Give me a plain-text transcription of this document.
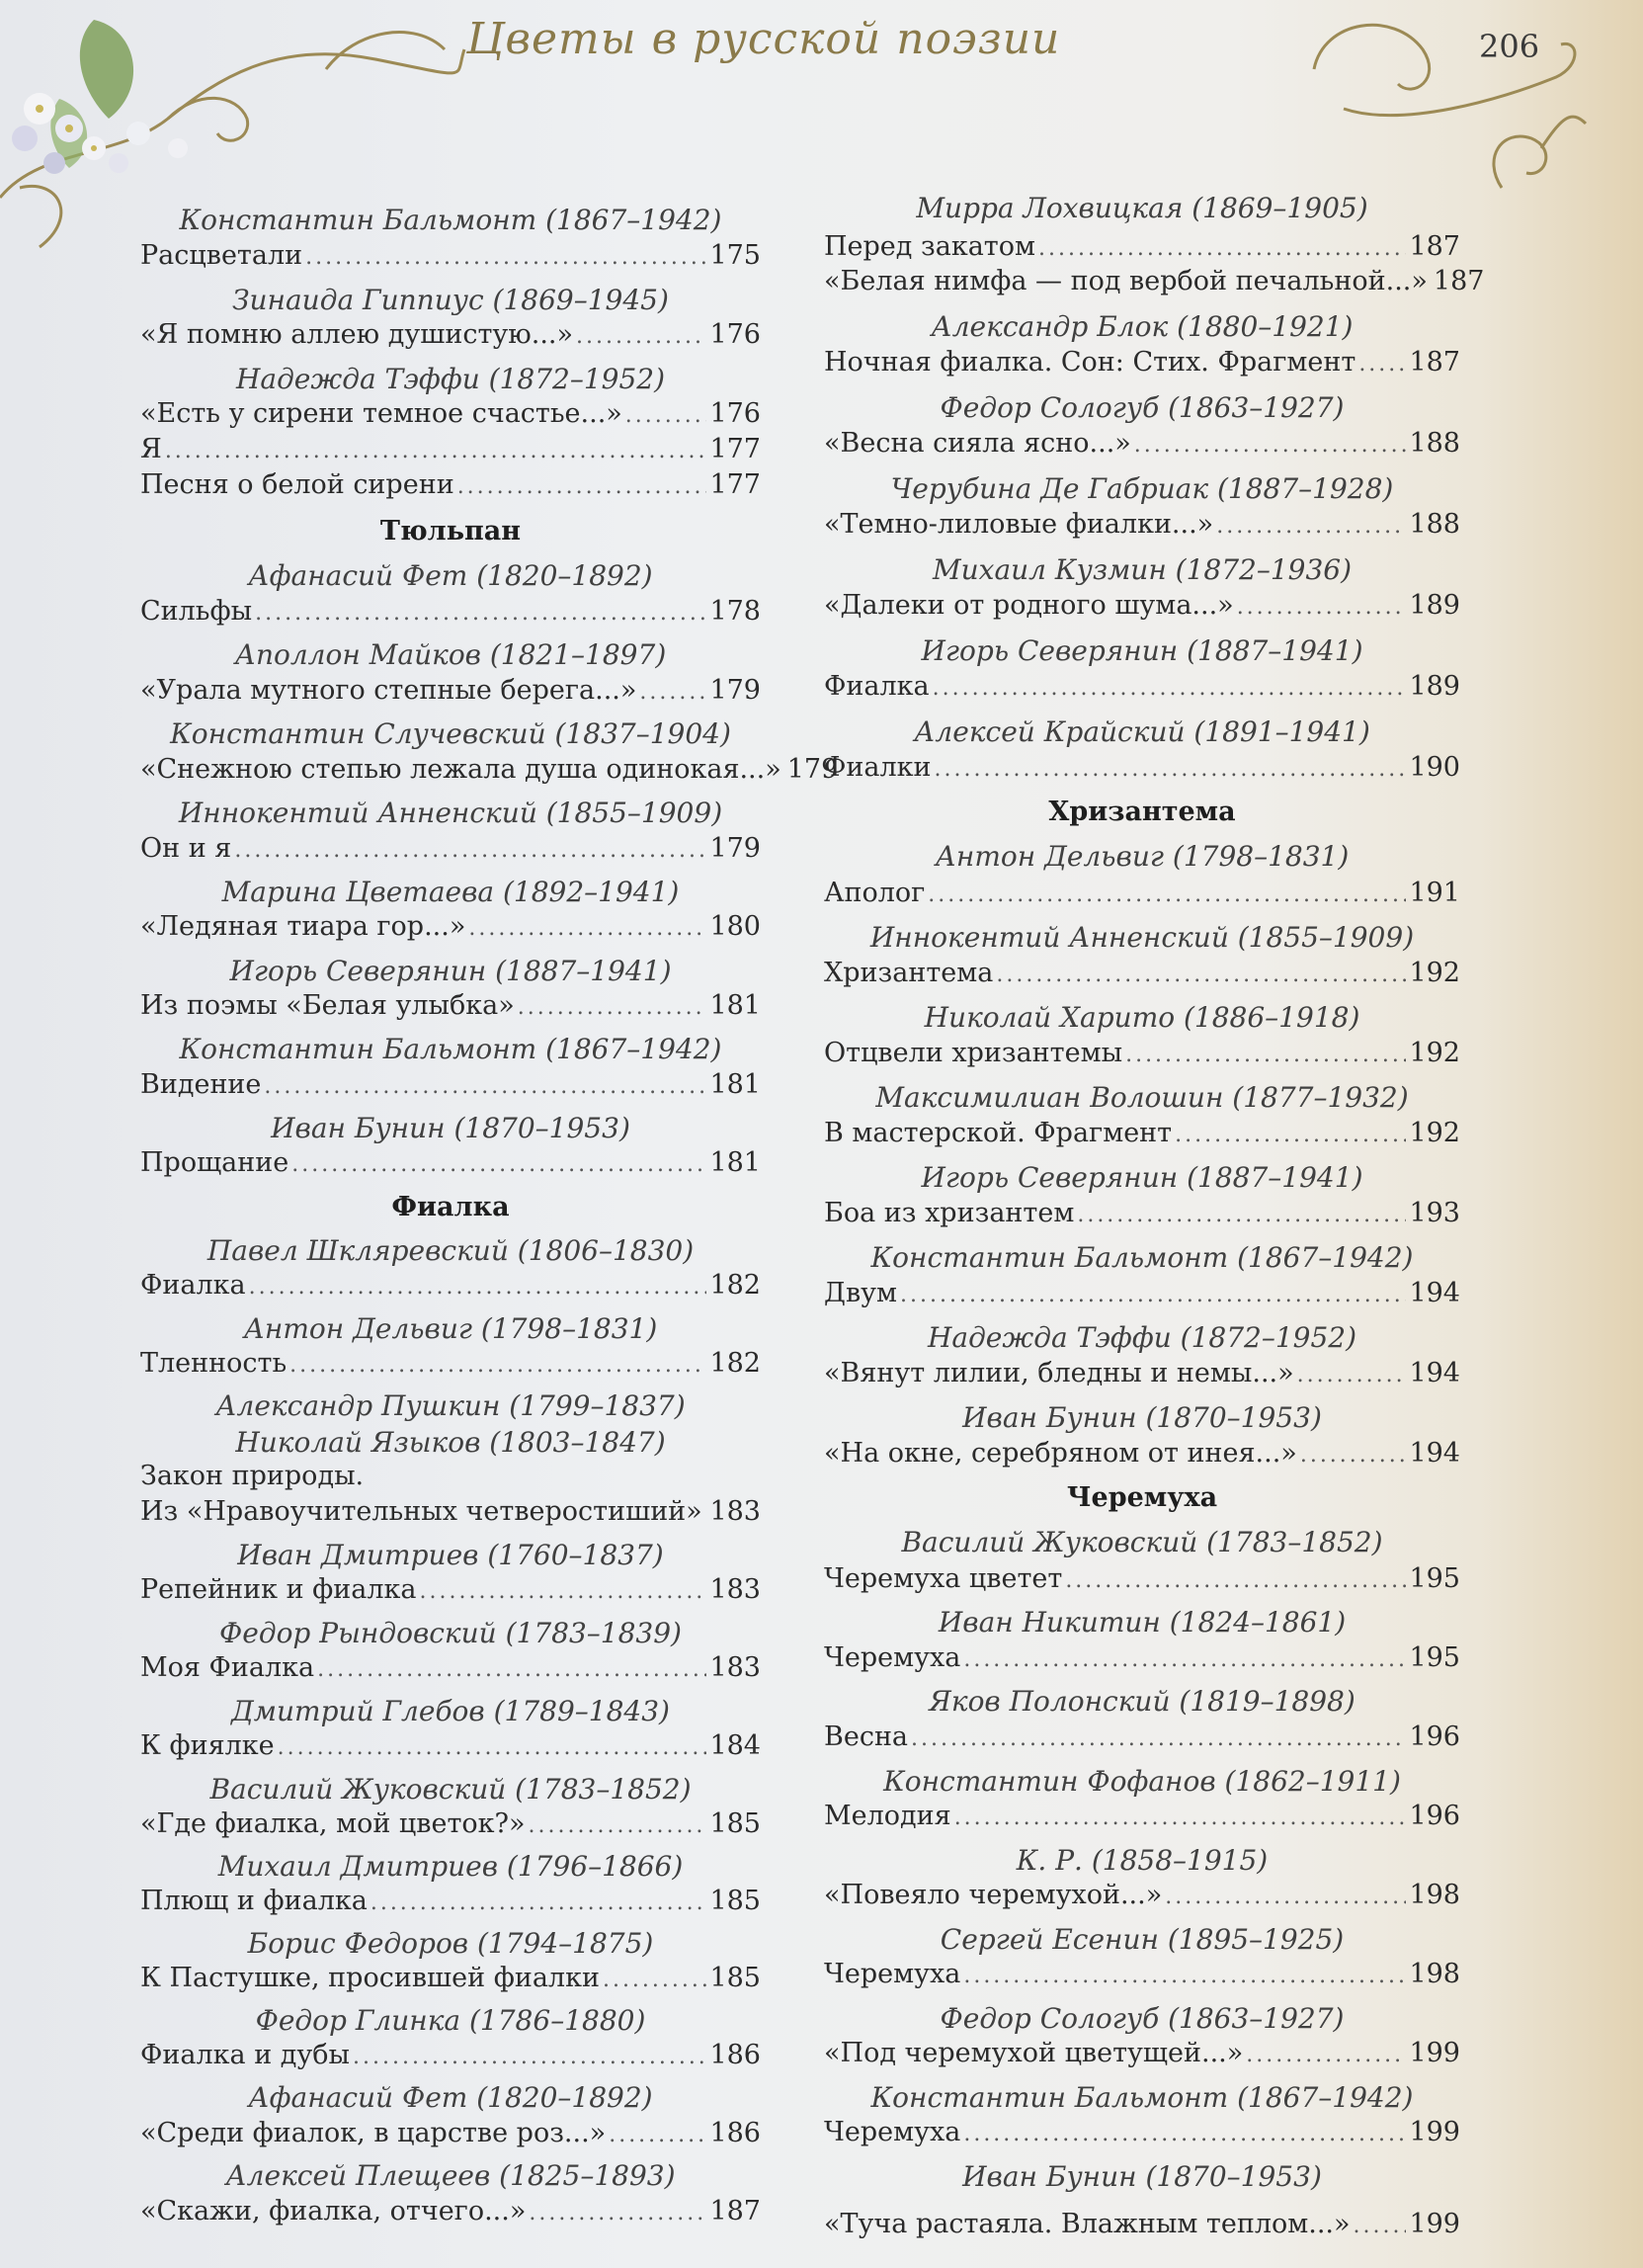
Цветы в русской поэзии	206
Константин Бальмонт (1867–1942)
Расцветали .....	175
Зинаида Гиппиус (1869–1945)
«Я помню аллею душистую...» .....	176
Надежда Тэффи (1872–1952)
«Есть у сирени темное счастье...» .....	176
Я .....	177
Песня о белой сирени .....	177
Тюльпан
Афанасий Фет (1820–1892)
Сильфы .....	178
Аполлон Майков (1821–1897)
«Урала мутного степные берега...» .....	179
Константин Случевский (1837–1904)
«Снежною степью лежала душа одинокая...» 179
Иннокентий Анненский (1855–1909)
Он и я .....	179
Марина Цветаева (1892–1941)
«Ледяная тиара гор...» .....	180
Игорь Северянин (1887–1941)
Из поэмы «Белая улыбка» .....	181
Константин Бальмонт (1867–1942)
Видение .....	181
Иван Бунин (1870–1953)
Прощание .....	181
Фиалка
Павел Шкляревский (1806–1830)
Фиалка .....	182
Антон Дельвиг (1798–1831)
Тленность .....	182
Александр Пушкин (1799–1837)
Николай Языков (1803–1847)
Закон природы.
Из «Нравоучительных четверостиший» ..... 183
Иван Дмитриев (1760–1837)
Репейник и фиалка .....	183
Федор Рындовский (1783–1839)
Моя Фиалка .....	183
Дмитрий Глебов (1789–1843)
К фиялке .....	184
Василий Жуковский (1783–1852)
«Где фиалка, мой цветок?» .....	185
Михаил Дмитриев (1796–1866)
Плющ и фиалка .....	185
Борис Федоров (1794–1875)
К Пастушке, просившей фиалки .....	185
Федор Глинка (1786–1880)
Фиалка и дубы .....	186
Афанасий Фет (1820–1892)
«Среди фиалок, в царстве роз...» .....	186
Алексей Плещеев (1825–1893)
«Скажи, фиалка, отчего...» .....	187
Мирра Лохвицкая (1869–1905)
Перед закатом .....	187
«Белая нимфа — под вербой печальной...» 187
Александр Блок (1880–1921)
Ночная фиалка. Сон: Стих. Фрагмент ..... 187
Федор Сологуб (1863–1927)
«Весна сияла ясно...» .....	188
Черубина Де Габриак (1887–1928)
«Темно-лиловые фиалки...» .....	188
Михаил Кузмин (1872–1936)
«Далеки от родного шума...» .....	189
Игорь Северянин (1887–1941)
Фиалка .....	189
Алексей Крайский (1891–1941)
Фиалки .....	190
Хризантема
Антон Дельвиг (1798–1831)
Аполог .....	191
Иннокентий Анненский (1855–1909)
Хризантема .....	192
Николай Харито (1886–1918)
Отцвели хризантемы .....	192
Максимилиан Волошин (1877–1932)
В мастерской. Фрагмент .....	192
Игорь Северянин (1887–1941)
Боа из хризантем .....	193
Константин Бальмонт (1867–1942)
Двум .....	194
Надежда Тэффи (1872–1952)
«Вянут лилии, бледны и немы...» .....	194
Иван Бунин (1870–1953)
«На окне, серебряном от инея...» .....	194
Черемуха
Василий Жуковский (1783–1852)
Черемуха цветет .....	195
Иван Никитин (1824–1861)
Черемуха .....	195
Яков Полонский (1819–1898)
Весна .....	196
Константин Фофанов (1862–1911)
Мелодия .....	196
К. Р. (1858–1915)
«Повеяло черемухой...» .....	198
Сергей Есенин (1895–1925)
Черемуха .....	198
Федор Сологуб (1863–1927)
«Под черемухой цветущей...» .....	199
Константин Бальмонт (1867–1942)
Черемуха .....	199
Иван Бунин (1870–1953)
«Туча растаяла. Влажным теплом...» ..... 199
